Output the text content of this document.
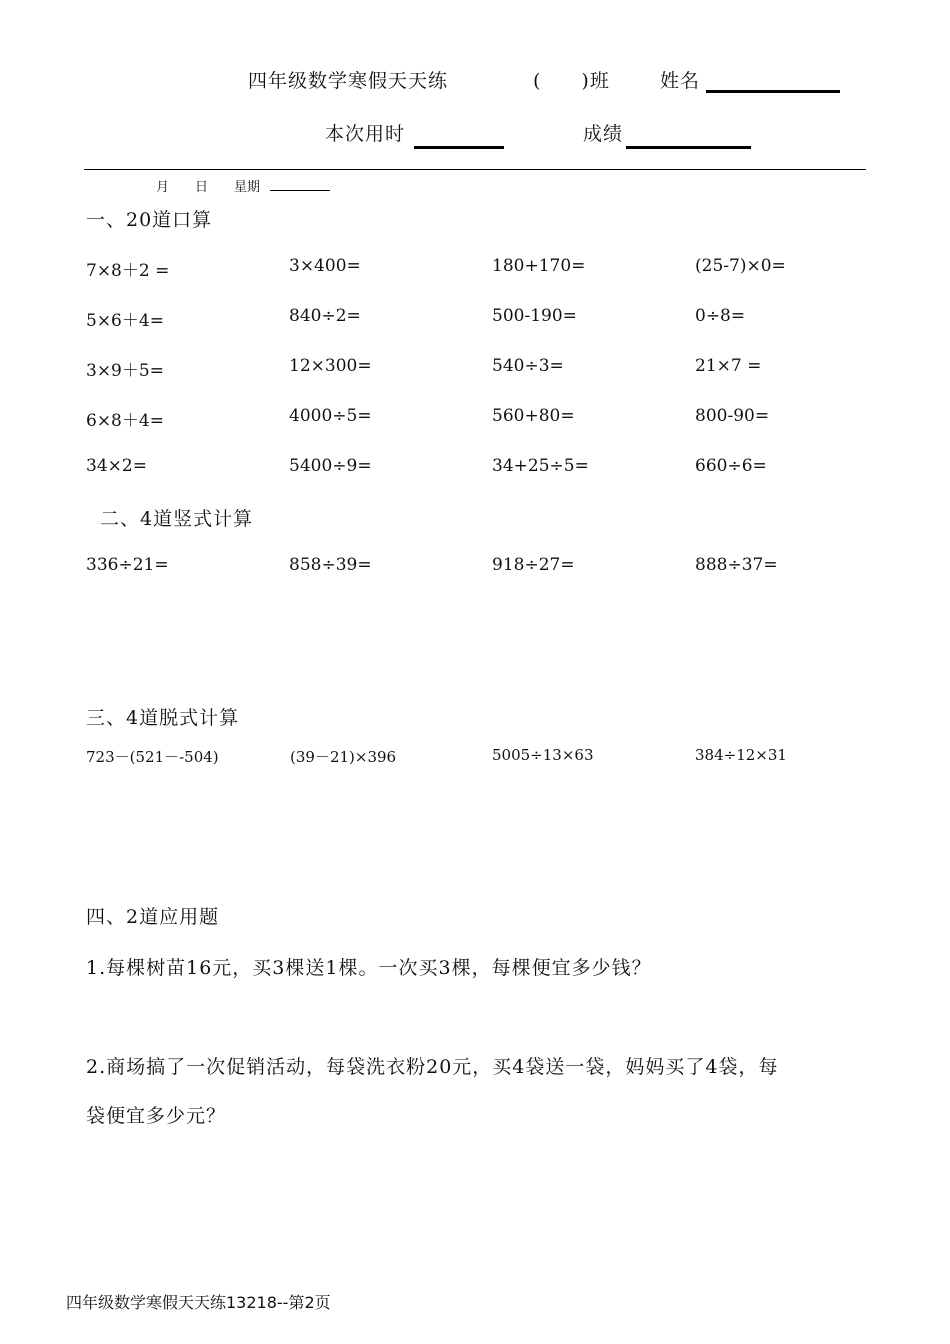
四年级数学寒假天天练	(　　)班	姓名
本次用时	成绩
月　　日　　星期
一、20道口算
7×8＋2 =	3×400=	180+170=	(25-7)×0=
5×6＋4=	840÷2=	500-190=	0÷8=
3×9＋5=	12×300=	540÷3=	21×7 =
6×8＋4=	4000÷5=	560+80=	800-90=
34×2=	5400÷9=	34+25÷5=	660÷6=
二、4道竖式计算
336÷21=	858÷39=	918÷27=	888÷37=
三、4道脱式计算
723－(521－-504)	(39－21)×396	5005÷13×63	384÷12×31
四、2道应用题
1.每棵树苗16元，买3棵送1棵。一次买3棵，每棵便宜多少钱？
2.商场搞了一次促销活动，每袋洗衣粉20元，买4袋送一袋，妈妈买了4袋，每
袋便宜多少元？
四年级数学寒假天天练13218--第2页
